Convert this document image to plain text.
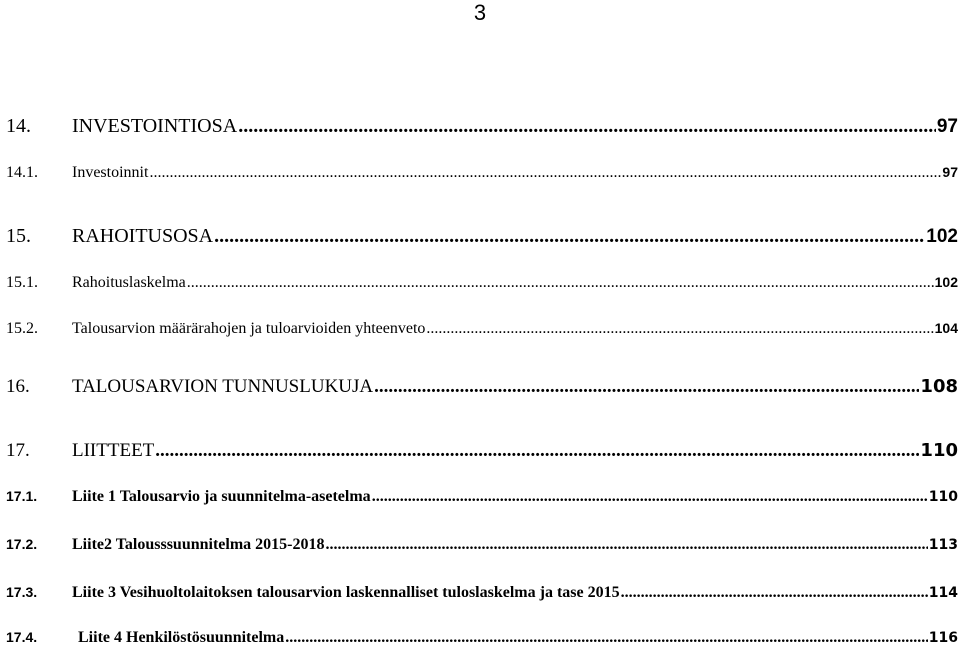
3
14.	INVESTOINTIOSA .....	97
14.1.	Investoinnit .....	97
15.	RAHOITUSOSA .....	102
15.1.	Rahoituslaskelma .....	102
15.2.	Talousarvion määrärahojen ja tuloarvioiden yhteenveto .....	104
16.	TALOUSARVION TUNNUSLUKUJA .....	108
17.	LIITTEET .....	110
17.1.	Liite 1 Talousarvio ja suunnitelma-asetelma .....	110
17.2.	Liite2 Talousssuunnitelma 2015-2018 .....	113
17.3.	Liite 3 Vesihuoltolaitoksen talousarvion laskennalliset tuloslaskelma ja tase 2015 .....	114
17.4.	Liite 4 Henkilöstösuunnitelma .....	116
